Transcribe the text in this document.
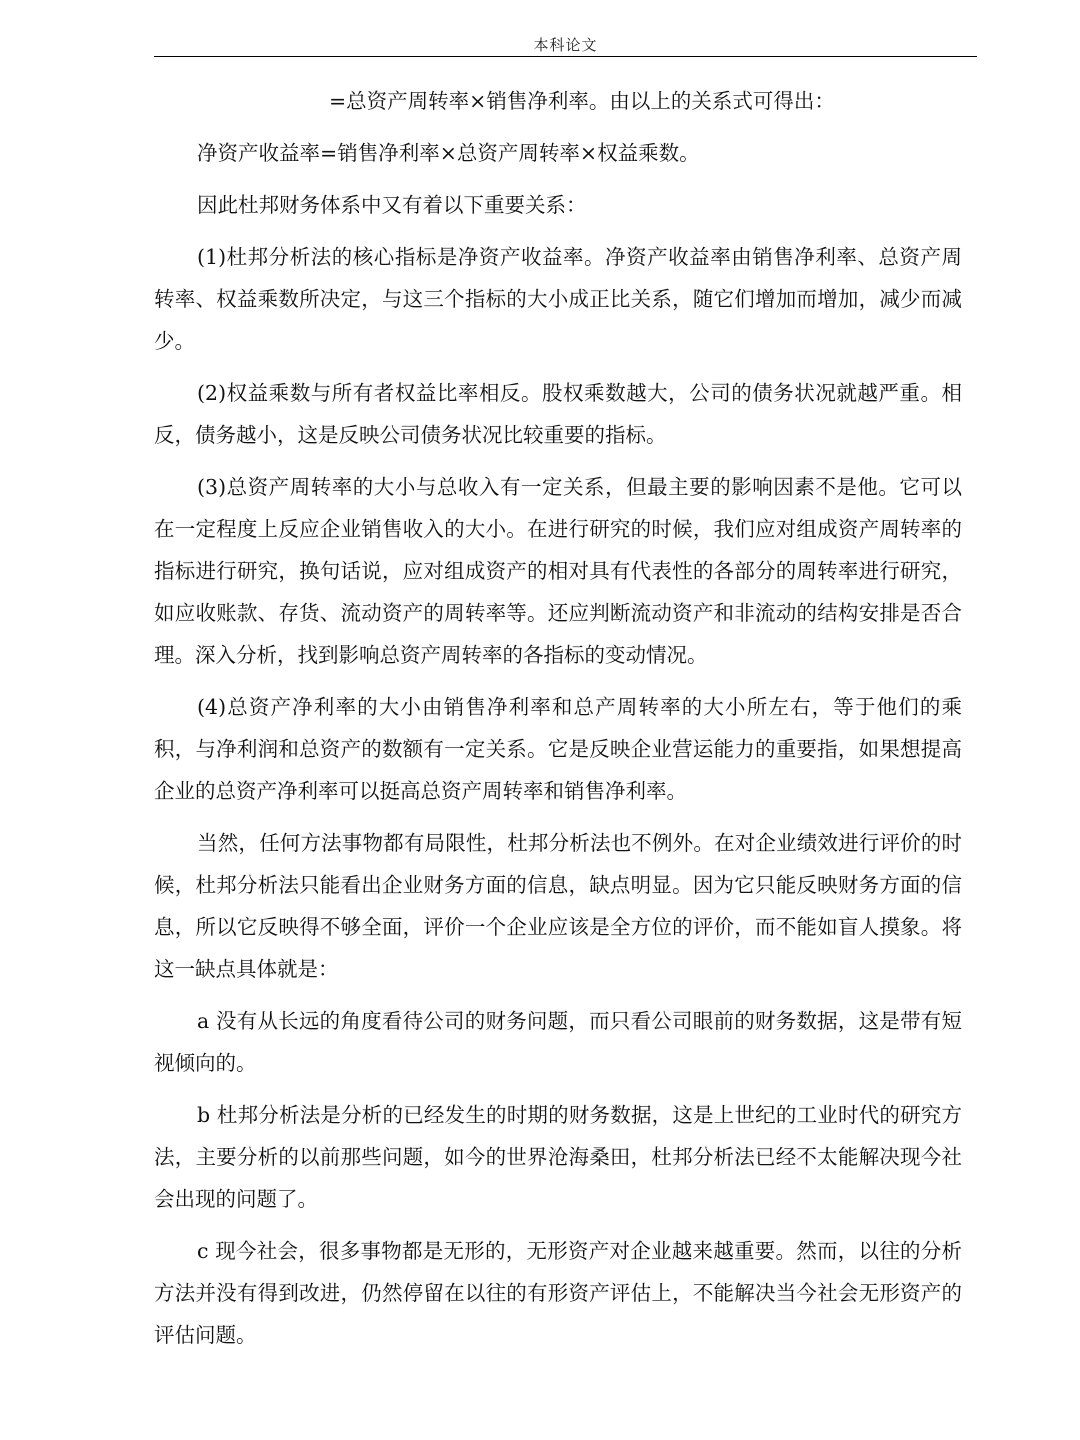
本科论文

=总资产周转率×销售净利率。由以上的关系式可得出：

净资产收益率=销售净利率×总资产周转率×权益乘数。

因此杜邦财务体系中又有着以下重要关系：

(1)杜邦分析法的核心指标是净资产收益率。净资产收益率由销售净利率、总资产周转率、权益乘数所决定，与这三个指标的大小成正比关系，随它们增加而增加，减少而减少。

(2)权益乘数与所有者权益比率相反。股权乘数越大，公司的债务状况就越严重。相反，债务越小，这是反映公司债务状况比较重要的指标。

(3)总资产周转率的大小与总收入有一定关系，但最主要的影响因素不是他。它可以在一定程度上反应企业销售收入的大小。在进行研究的时候，我们应对组成资产周转率的指标进行研究，换句话说，应对组成资产的相对具有代表性的各部分的周转率进行研究，如应收账款、存货、流动资产的周转率等。还应判断流动资产和非流动的结构安排是否合理。深入分析，找到影响总资产周转率的各指标的变动情况。

(4)总资产净利率的大小由销售净利率和总产周转率的大小所左右，等于他们的乘积，与净利润和总资产的数额有一定关系。它是反映企业营运能力的重要指，如果想提高企业的总资产净利率可以挺高总资产周转率和销售净利率。

当然，任何方法事物都有局限性，杜邦分析法也不例外。在对企业绩效进行评价的时候，杜邦分析法只能看出企业财务方面的信息，缺点明显。因为它只能反映财务方面的信息，所以它反映得不够全面，评价一个企业应该是全方位的评价，而不能如盲人摸象。将这一缺点具体就是：

a 没有从长远的角度看待公司的财务问题，而只看公司眼前的财务数据，这是带有短视倾向的。

b 杜邦分析法是分析的已经发生的时期的财务数据，这是上世纪的工业时代的研究方法，主要分析的以前那些问题，如今的世界沧海桑田，杜邦分析法已经不太能解决现今社会出现的问题了。

c 现今社会，很多事物都是无形的，无形资产对企业越来越重要。然而，以往的分析方法并没有得到改进，仍然停留在以往的有形资产评估上，不能解决当今社会无形资产的评估问题。
